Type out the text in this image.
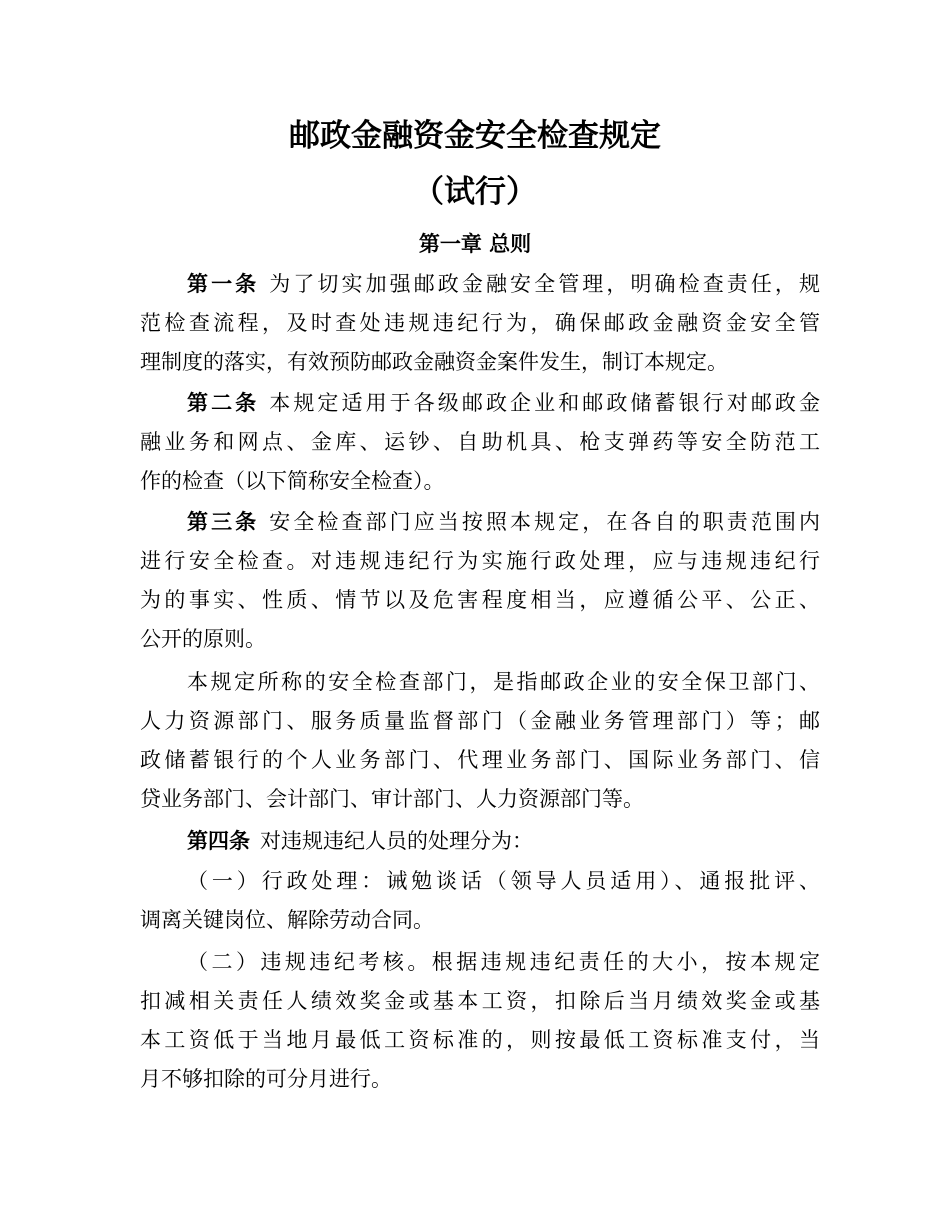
邮政金融资金安全检查规定
（试行）
第一章 总则
第一条 为了切实加强邮政金融安全管理，明确检查责任，规
范检查流程，及时查处违规违纪行为，确保邮政金融资金安全管
理制度的落实，有效预防邮政金融资金案件发生，制订本规定。
第二条 本规定适用于各级邮政企业和邮政储蓄银行对邮政金
融业务和网点、金库、运钞、自助机具、枪支弹药等安全防范工
作的检查（以下简称安全检查）。
第三条 安全检查部门应当按照本规定，在各自的职责范围内
进行安全检查。对违规违纪行为实施行政处理，应与违规违纪行
为的事实、性质、情节以及危害程度相当，应遵循公平、公正、
公开的原则。
本规定所称的安全检查部门，是指邮政企业的安全保卫部门、
人力资源部门、服务质量监督部门（金融业务管理部门）等；邮
政储蓄银行的个人业务部门、代理业务部门、国际业务部门、信
贷业务部门、会计部门、审计部门、人力资源部门等。
第四条 对违规违纪人员的处理分为：
（一）行政处理：诫勉谈话（领导人员适用）、通报批评、
调离关键岗位、解除劳动合同。
（二）违规违纪考核。根据违规违纪责任的大小，按本规定
扣减相关责任人绩效奖金或基本工资，扣除后当月绩效奖金或基
本工资低于当地月最低工资标准的，则按最低工资标准支付，当
月不够扣除的可分月进行。
